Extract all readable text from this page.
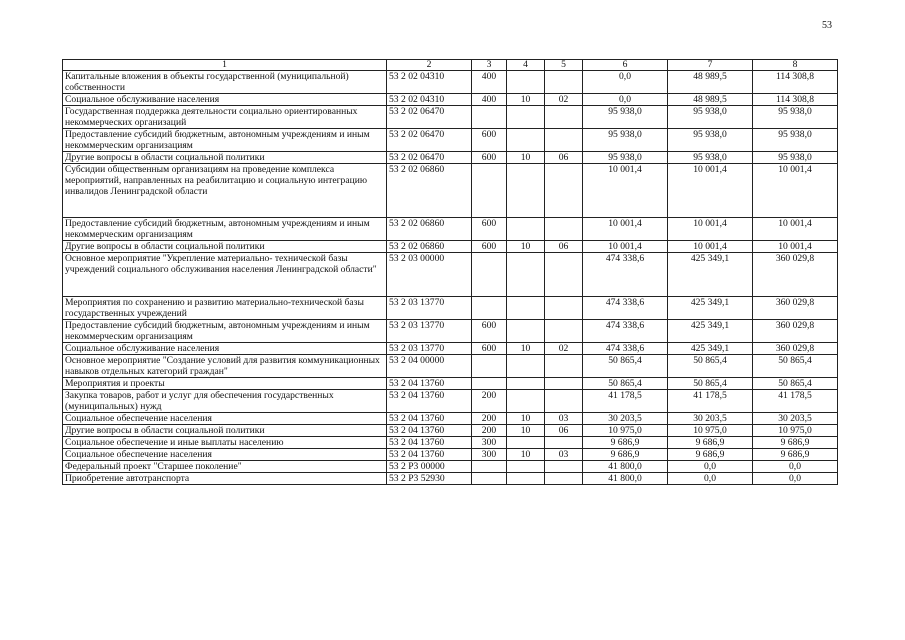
53
1	2	3	4	5	6	7	8
Капитальные вложения в объекты государственной (муниципальной) собственности	53 2 02 04310	400			0,0	48 989,5	114 308,8
Социальное обслуживание населения	53 2 02 04310	400	10	02	0,0	48 989,5	114 308,8
Государственная поддержка деятельности социально ориентированных некоммерческих организаций	53 2 02 06470				95 938,0	95 938,0	95 938,0
Предоставление субсидий бюджетным, автономным учреждениям и иным некоммерческим организациям	53 2 02 06470	600			95 938,0	95 938,0	95 938,0
Другие вопросы в области социальной политики	53 2 02 06470	600	10	06	95 938,0	95 938,0	95 938,0
Субсидии общественным организациям на проведение комплекса мероприятий, направленных на реабилитацию и социальную интеграцию инвалидов Ленинградской области	53 2 02 06860				10 001,4	10 001,4	10 001,4
Предоставление субсидий бюджетным, автономным учреждениям и иным некоммерческим организациям	53 2 02 06860	600			10 001,4	10 001,4	10 001,4
Другие вопросы в области социальной политики	53 2 02 06860	600	10	06	10 001,4	10 001,4	10 001,4
Основное мероприятие "Укрепление материально- технической базы учреждений социального обслуживания населения Ленинградской области"	53 2 03 00000				474 338,6	425 349,1	360 029,8
Мероприятия по сохранению и развитию материально-технической базы государственных учреждений	53 2 03 13770				474 338,6	425 349,1	360 029,8
Предоставление субсидий бюджетным, автономным учреждениям и иным некоммерческим организациям	53 2 03 13770	600			474 338,6	425 349,1	360 029,8
Социальное обслуживание населения	53 2 03 13770	600	10	02	474 338,6	425 349,1	360 029,8
Основное мероприятие "Создание условий для развития коммуникационных навыков отдельных категорий граждан"	53 2 04 00000				50 865,4	50 865,4	50 865,4
Мероприятия и проекты	53 2 04 13760				50 865,4	50 865,4	50 865,4
Закупка товаров, работ и услуг для обеспечения государственных (муниципальных) нужд	53 2 04 13760	200			41 178,5	41 178,5	41 178,5
Социальное обеспечение населения	53 2 04 13760	200	10	03	30 203,5	30 203,5	30 203,5
Другие вопросы в области социальной политики	53 2 04 13760	200	10	06	10 975,0	10 975,0	10 975,0
Социальное обеспечение и иные выплаты населению	53 2 04 13760	300			9 686,9	9 686,9	9 686,9
Социальное обеспечение населения	53 2 04 13760	300	10	03	9 686,9	9 686,9	9 686,9
Федеральный проект "Старшее поколение"	53 2 Р3 00000				41 800,0	0,0	0,0
Приобретение автотранспорта	53 2 Р3 52930				41 800,0	0,0	0,0
